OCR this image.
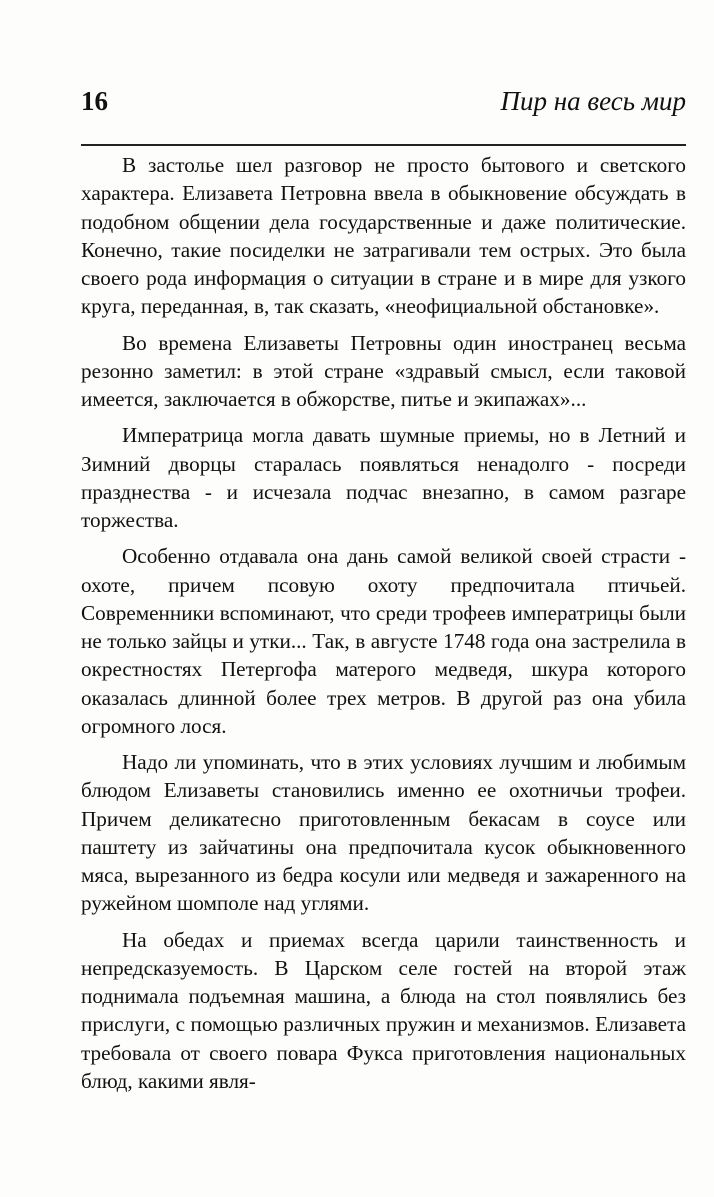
16	Пир на весь мир

В застолье шел разговор не просто бытового и светского характера. Елизавета Петровна ввела в обыкновение обсуждать в подобном общении дела государственные и даже политические. Конечно, такие посиделки не затрагивали тем острых. Это была своего рода информация о ситуации в стране и в мире для узкого круга, переданная, в, так сказать, «неофициальной обстановке».

Во времена Елизаветы Петровны один иностранец весьма резонно заметил: в этой стране «здравый смысл, если таковой имеется, заключается в обжорстве, питье и экипажах»...

Императрица могла давать шумные приемы, но в Летний и Зимний дворцы старалась появляться ненадолго - посреди празднества - и исчезала подчас внезапно, в самом разгаре торжества.

Особенно отдавала она дань самой великой своей страсти - охоте, причем псовую охоту предпочитала птичьей. Современники вспоминают, что среди трофеев императрицы были не только зайцы и утки... Так, в августе 1748 года она застрелила в окрестностях Петергофа матерого медведя, шкура которого оказалась длинной более трех метров. В другой раз она убила огромного лося.

Надо ли упоминать, что в этих условиях лучшим и любимым блюдом Елизаветы становились именно ее охотничьи трофеи. Причем деликатесно приготовленным бекасам в соусе или паштету из зайчатины она предпочитала кусок обыкновенного мяса, вырезанного из бедра косули или медведя и зажаренного на ружейном шомполе над углями.

На обедах и приемах всегда царили таинственность и непредсказуемость. В Царском селе гостей на второй этаж поднимала подъемная машина, а блюда на стол появлялись без прислуги, с помощью различных пружин и механизмов. Елизавета требовала от своего повара Фукса приготовления национальных блюд, какими явля-
